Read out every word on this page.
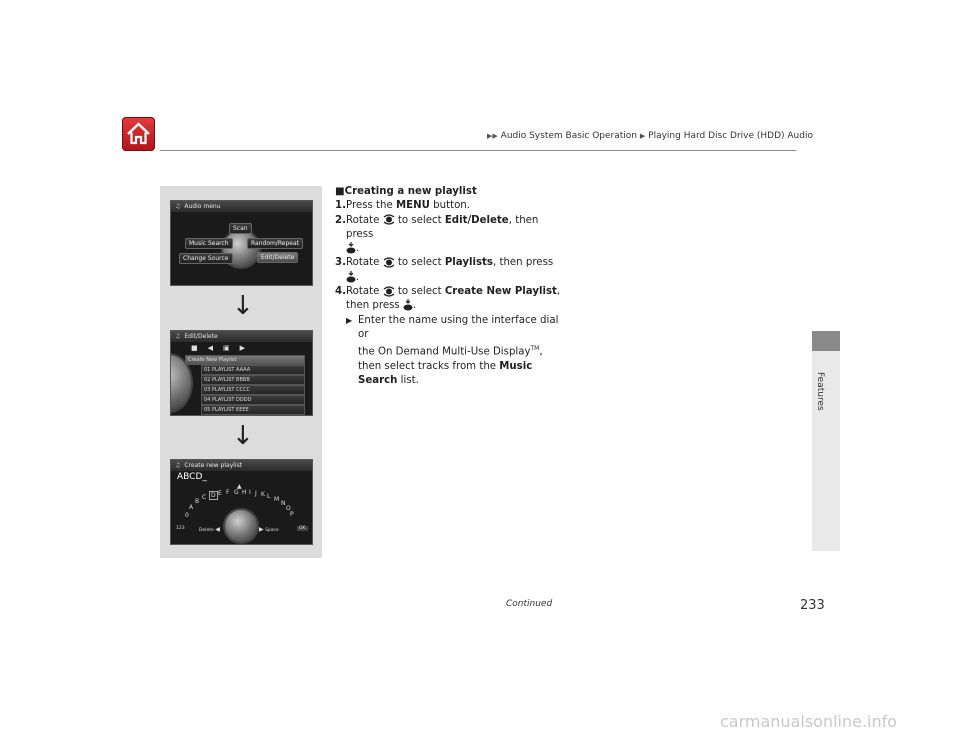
▶▶ Audio System Basic Operation ▶ Playing Hard Disc Drive (HDD) Audio
Features
♫ Audio menu
Scan
Music Search	Random/Repeat
Change Source	Edit/Delete
↓
♫ Edit/Delete
■◀▣▶
Create New Playlist
01 PLAYLIST AAAA
02 PLAYLIST BBBB
03 PLAYLIST CCCC
04 PLAYLIST DDDD
05 PLAYLIST EEEE
↓
♫ Create new playlist
ABCD_
▲
0
A
B
C D E F G H I J K L M
N
O
P
123	Delete ◀	▶ Space	OK

■Creating a new playlist

1. Press the MENU button.

2. Rotate  to select Edit/Delete, then press
.

3. Rotate  to select Playlists, then press
.

4. Rotate  to select Create New Playlist,
then press .

▶ Enter the name using the interface dial or
the On Demand Multi-Use Display™,
then select tracks from the Music
Search list.

Continued	233
carmanualsonline.info
